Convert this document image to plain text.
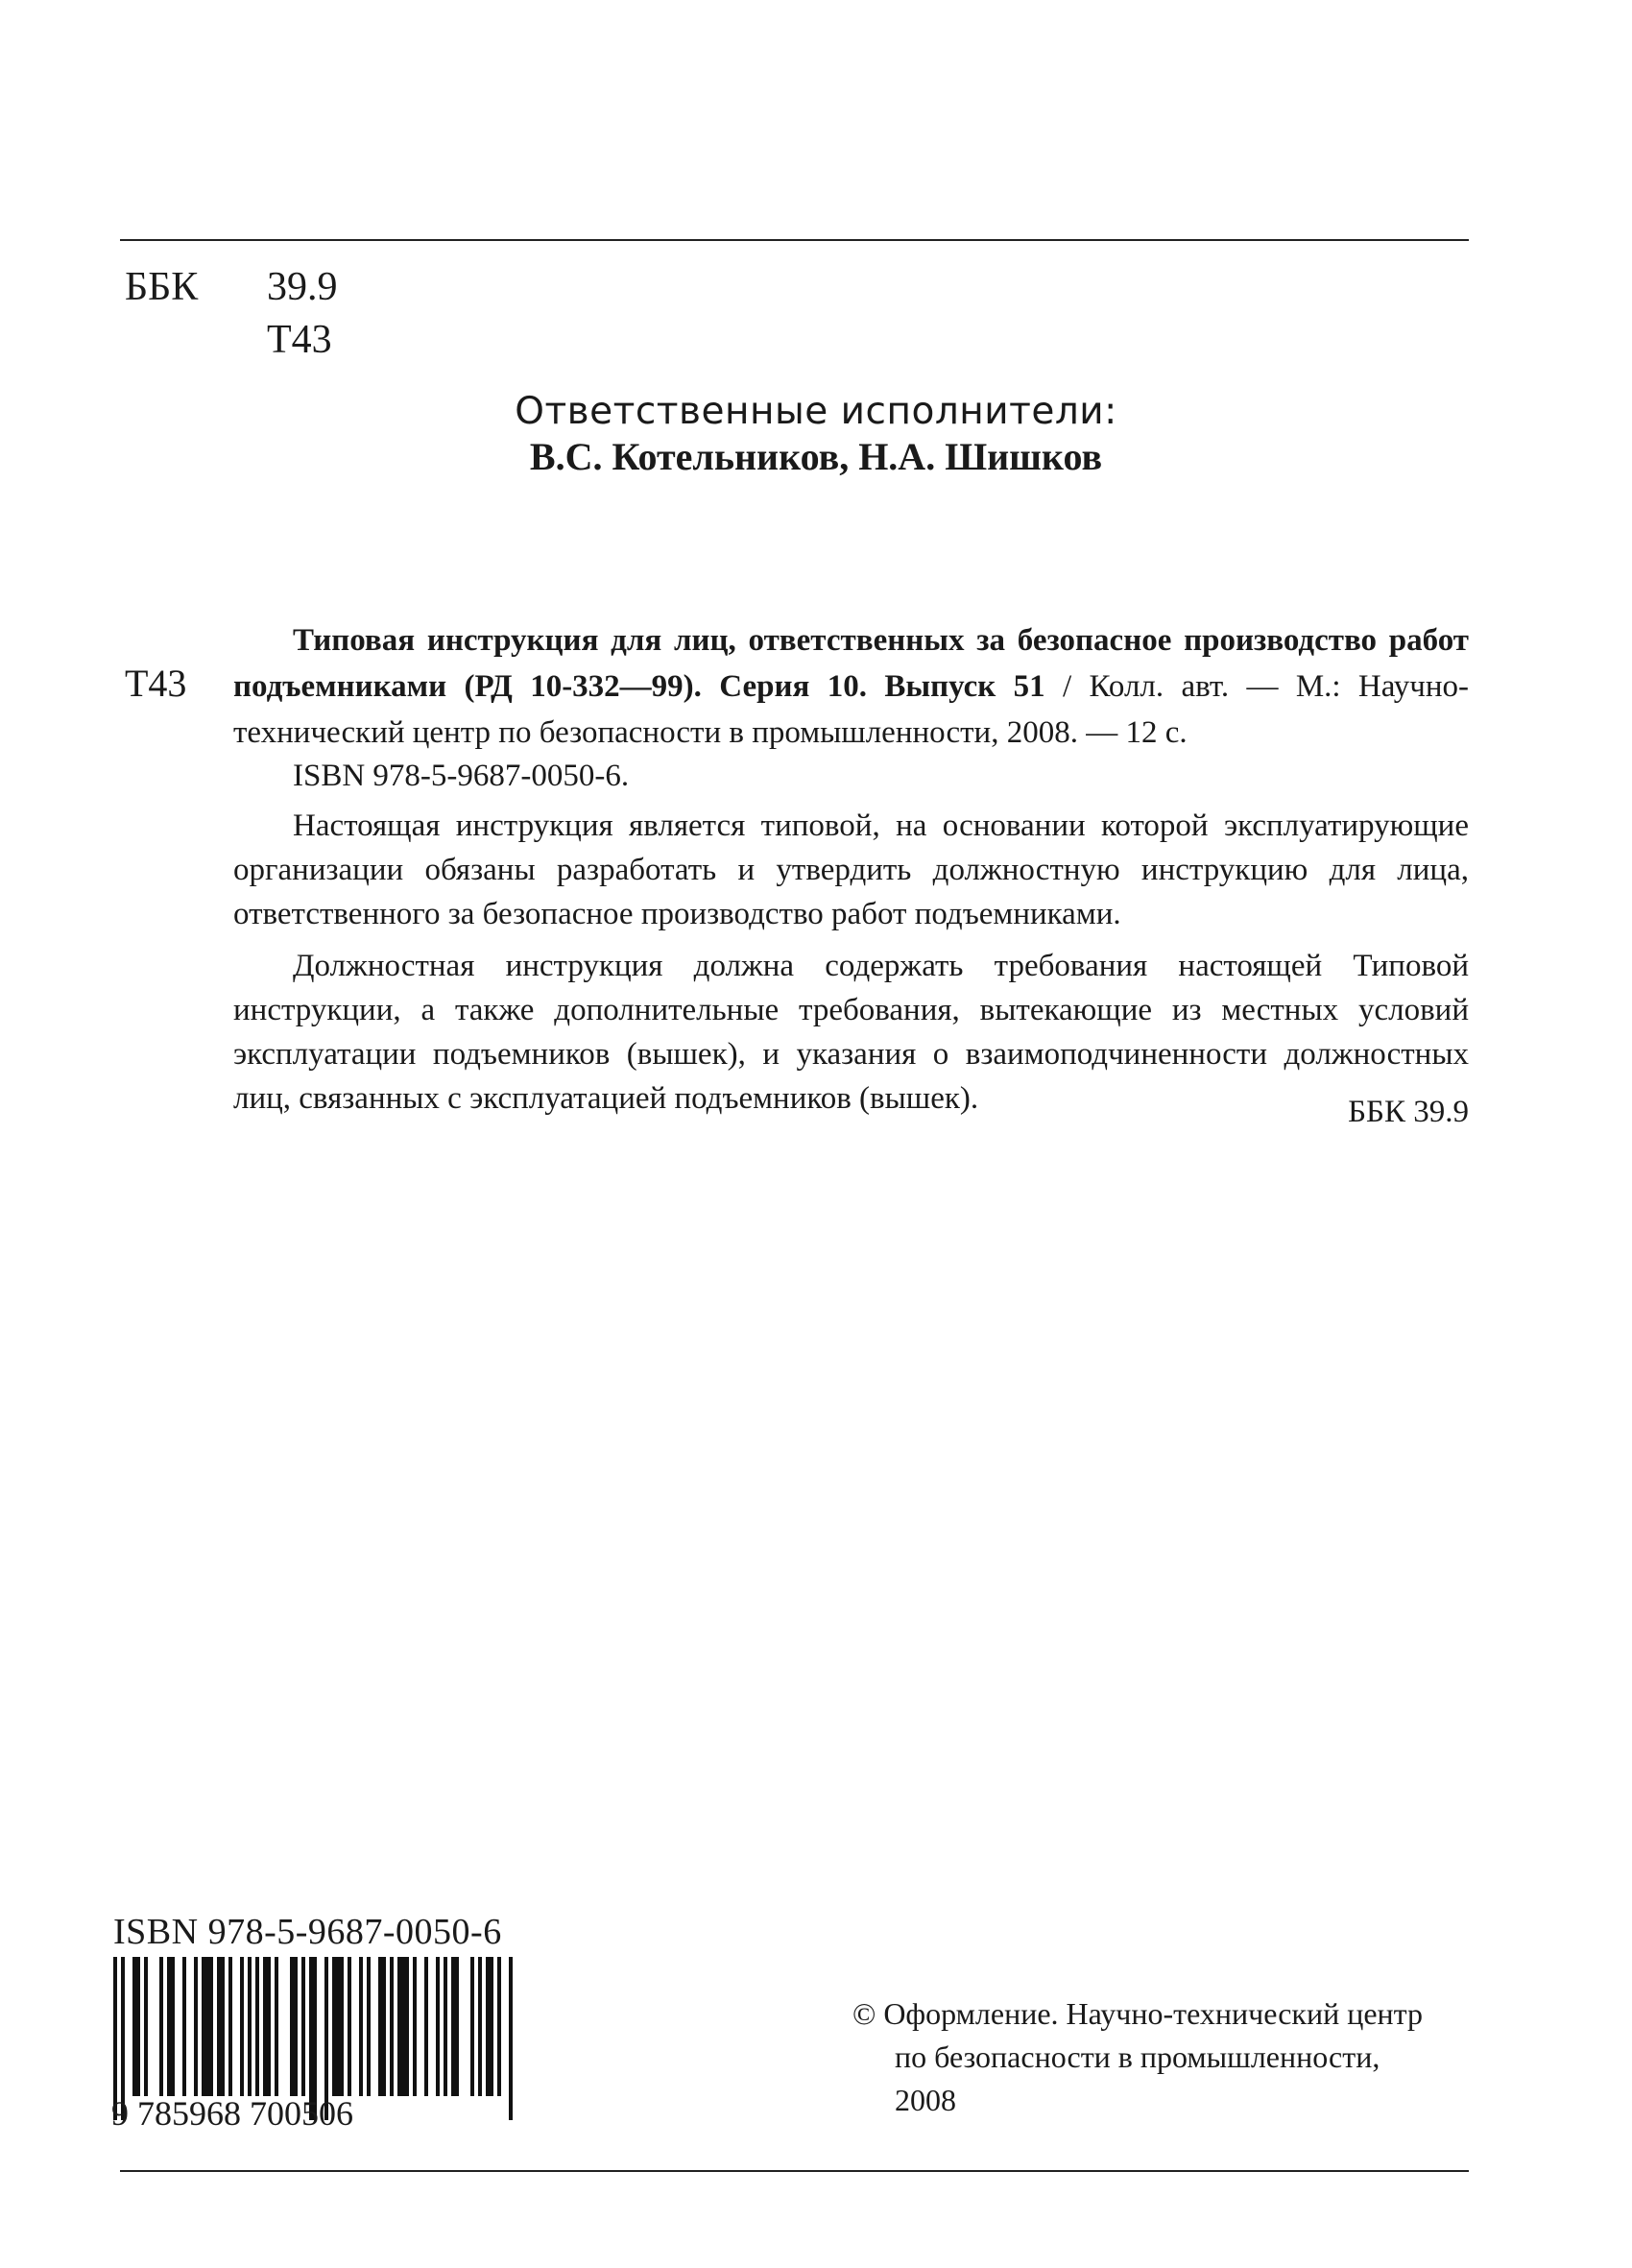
ББК 39.9
Т43
Ответственные исполнители:
В.С. Котельников, Н.А. Шишков
Т43
Типовая инструкция для лиц, ответственных за безопасное производство работ подъемниками (РД 10-332—99). Серия 10. Выпуск 51 / Колл. авт. — М.: Научно-технический центр по безопасности в промышленности, 2008. — 12 с.
ISBN 978-5-9687-0050-6.

Настоящая инструкция является типовой, на основании которой эксплуатирующие организации обязаны разработать и утвердить должностную инструкцию для лица, ответственного за безопасное производство работ подъемниками.

Должностная инструкция должна содержать требования настоящей Типовой инструкции, а также дополнительные требования, вытекающие из местных условий эксплуатации подъемников (вышек), и указания о взаимоподчиненности должностных лиц, связанных с эксплуатацией подъемников (вышек).	ББК 39.9
ISBN 978-5-9687-0050-6
9 785968 700506
© Оформление. Научно-технический центр
по безопасности в промышленности,
2008
